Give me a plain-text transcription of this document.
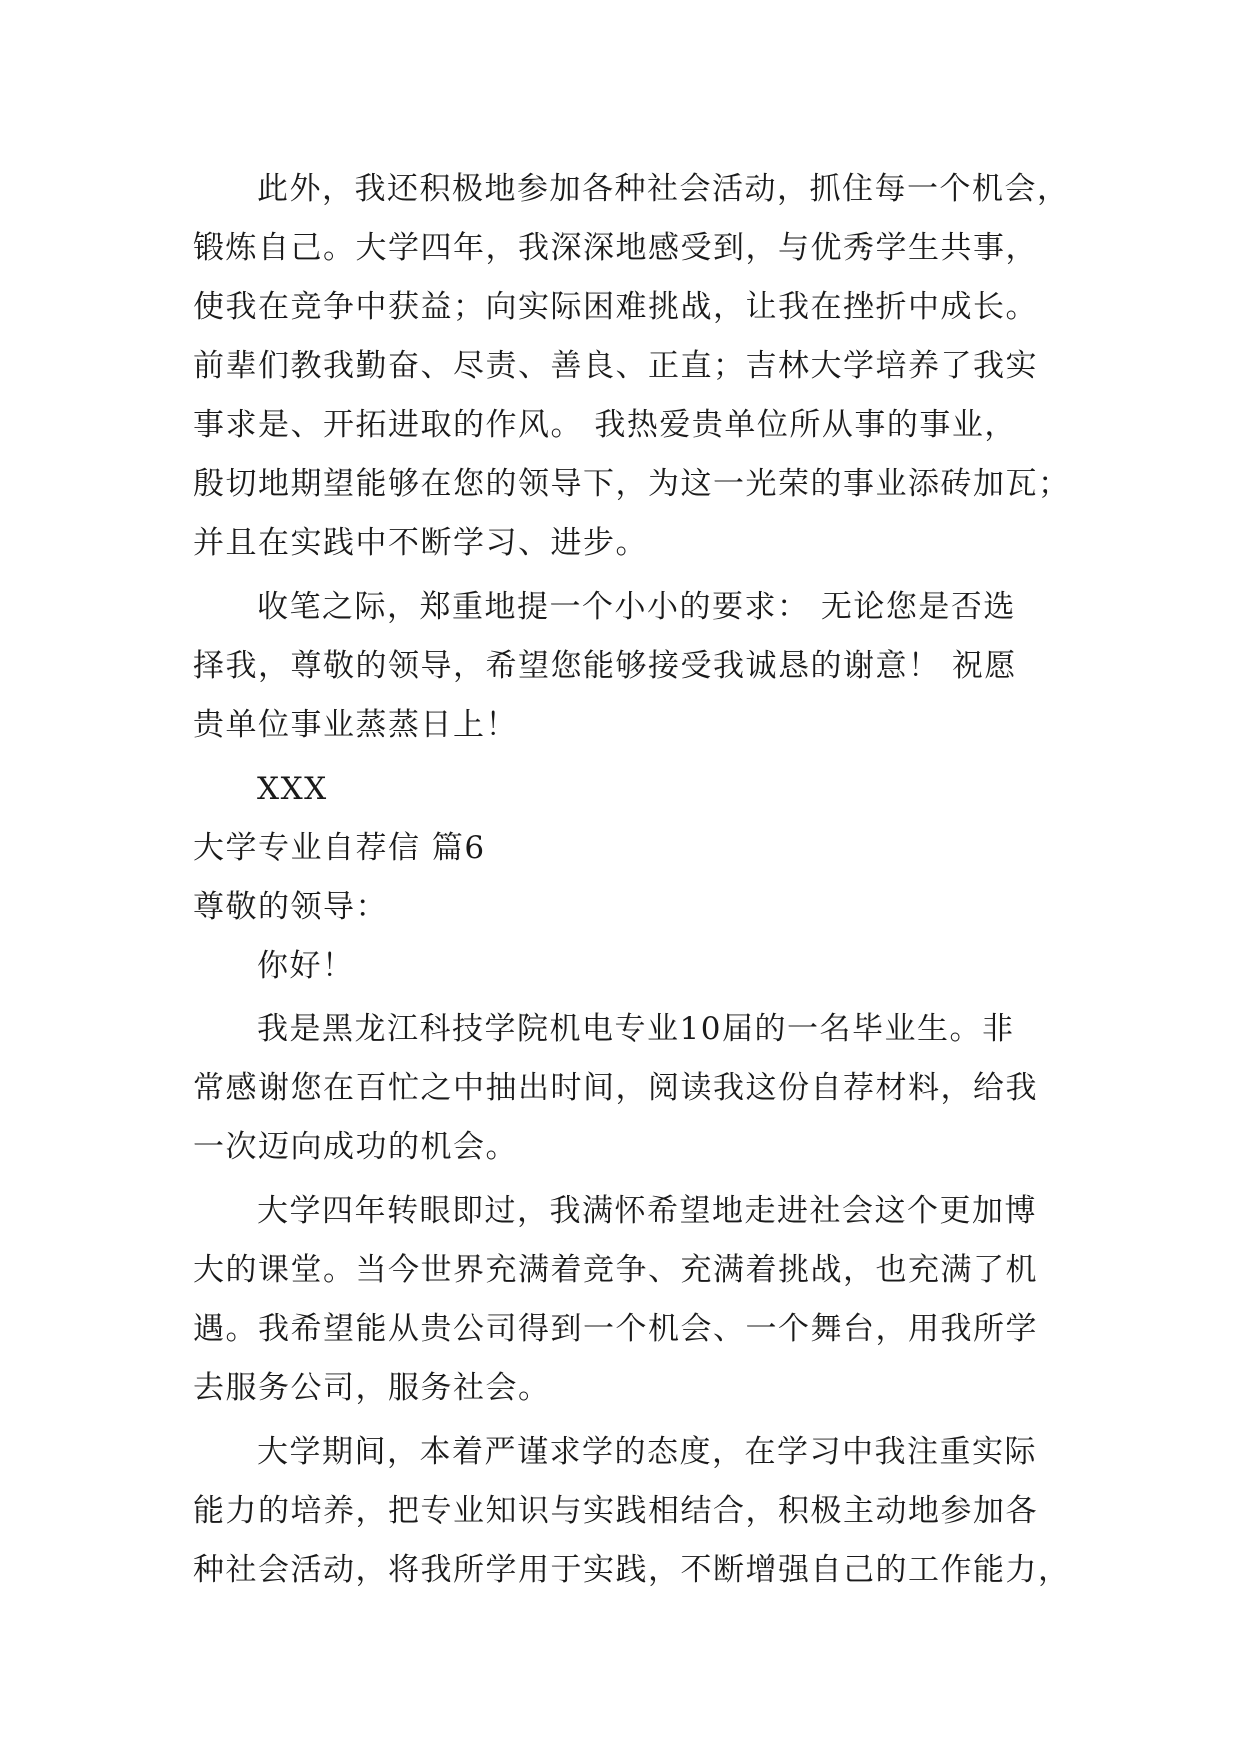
此外，我还积极地参加各种社会活动，抓住每一个机会，
锻炼自己。大学四年，我深深地感受到，与优秀学生共事，
使我在竞争中获益；向实际困难挑战，让我在挫折中成长。
前辈们教我勤奋、尽责、善良、正直；吉林大学培养了我实
事求是、开拓进取的作风。 我热爱贵单位所从事的事业，
殷切地期望能够在您的领导下，为这一光荣的事业添砖加瓦；
并且在实践中不断学习、进步。
收笔之际，郑重地提一个小小的要求： 无论您是否选
择我，尊敬的领导，希望您能够接受我诚恳的谢意！ 祝愿
贵单位事业蒸蒸日上！
XXX
大学专业自荐信 篇6
尊敬的领导：
你好！
我是黑龙江科技学院机电专业10届的一名毕业生。非
常感谢您在百忙之中抽出时间，阅读我这份自荐材料，给我
一次迈向成功的机会。
大学四年转眼即过，我满怀希望地走进社会这个更加博
大的课堂。当今世界充满着竞争、充满着挑战，也充满了机
遇。我希望能从贵公司得到一个机会、一个舞台，用我所学
去服务公司，服务社会。
大学期间，本着严谨求学的态度，在学习中我注重实际
能力的培养，把专业知识与实践相结合，积极主动地参加各
种社会活动，将我所学用于实践，不断增强自己的工作能力，
